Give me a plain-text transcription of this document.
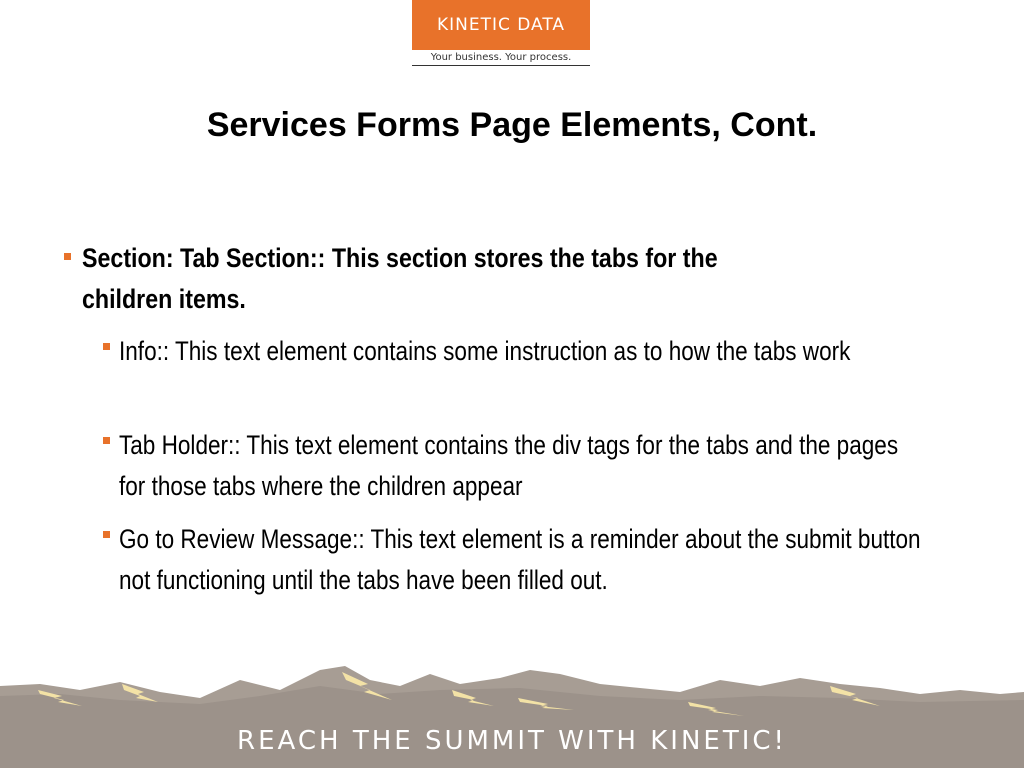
KINETIC DATA
Your business. Your process.
Services Forms Page Elements, Cont.
Section: Tab Section:: This section stores the tabs for the children items.
Info:: This text element contains some instruction as to how the tabs work
Tab Holder:: This text element contains the div tags for the tabs and the pages for those tabs where the children appear
Go to Review Message:: This text element is a reminder about the submit button not functioning until the tabs have been filled out.
REACH THE SUMMIT WITH KINETIC!
